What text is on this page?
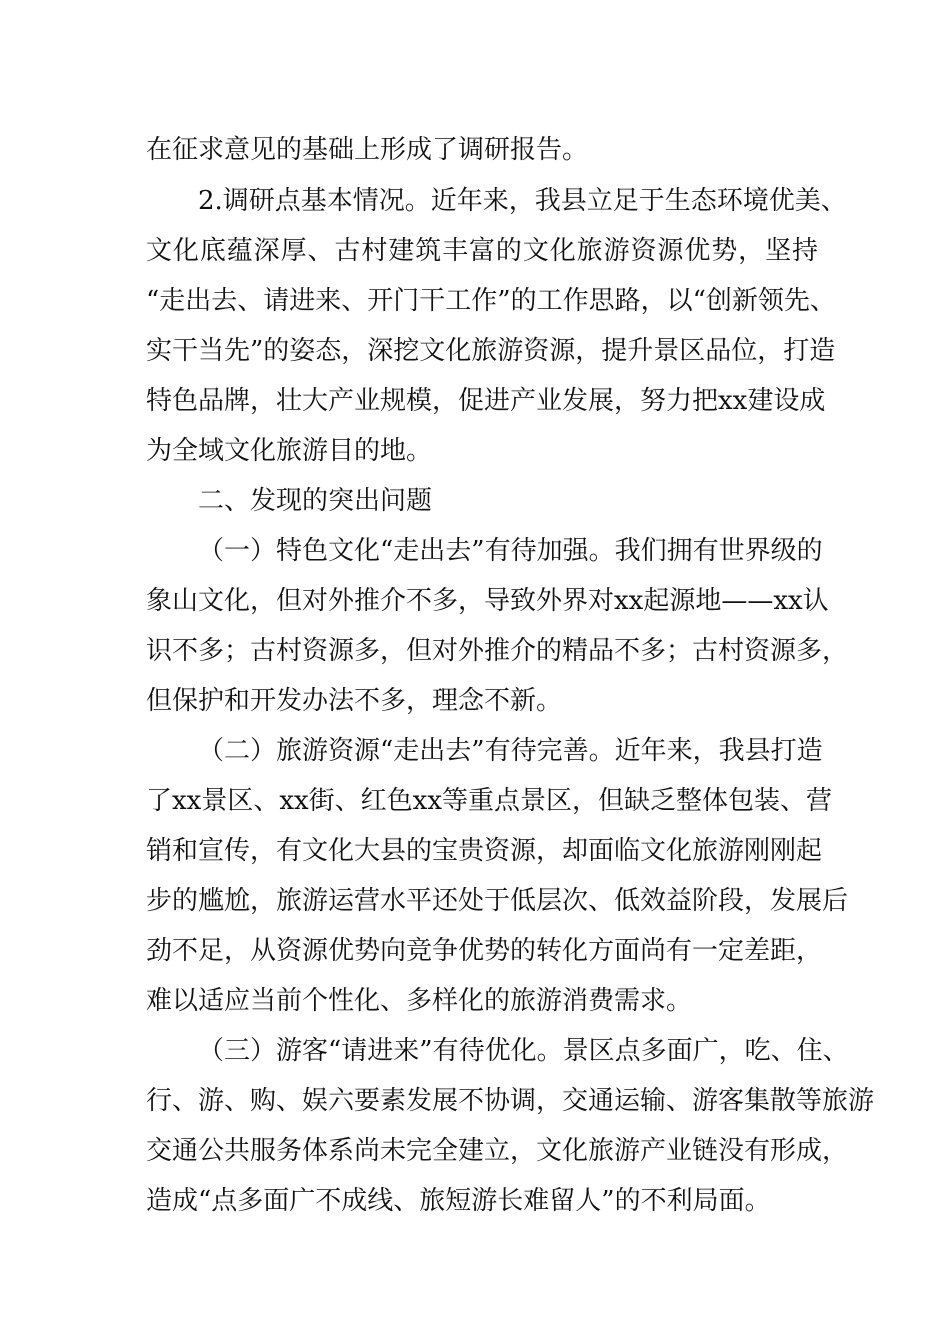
在征求意见的基础上形成了调研报告。
2.调研点基本情况。近年来，我县立足于生态环境优美、
文化底蕴深厚、古村建筑丰富的文化旅游资源优势，坚持
“走出去、请进来、开门干工作”的工作思路，以“创新领先、
实干当先”的姿态，深挖文化旅游资源，提升景区品位，打造
特色品牌，壮大产业规模，促进产业发展，努力把xx建设成
为全域文化旅游目的地。
二、发现的突出问题
（一）特色文化“走出去”有待加强。我们拥有世界级的
象山文化，但对外推介不多，导致外界对xx起源地——xx认
识不多；古村资源多，但对外推介的精品不多；古村资源多，
但保护和开发办法不多，理念不新。
（二）旅游资源“走出去”有待完善。近年来，我县打造
了xx景区、xx街、红色xx等重点景区，但缺乏整体包装、营
销和宣传，有文化大县的宝贵资源，却面临文化旅游刚刚起
步的尴尬，旅游运营水平还处于低层次、低效益阶段，发展后
劲不足，从资源优势向竞争优势的转化方面尚有一定差距，
难以适应当前个性化、多样化的旅游消费需求。
（三）游客“请进来”有待优化。景区点多面广，吃、住、
行、游、购、娱六要素发展不协调，交通运输、游客集散等旅游
交通公共服务体系尚未完全建立，文化旅游产业链没有形成，
造成“点多面广不成线、旅短游长难留人”的不利局面。
